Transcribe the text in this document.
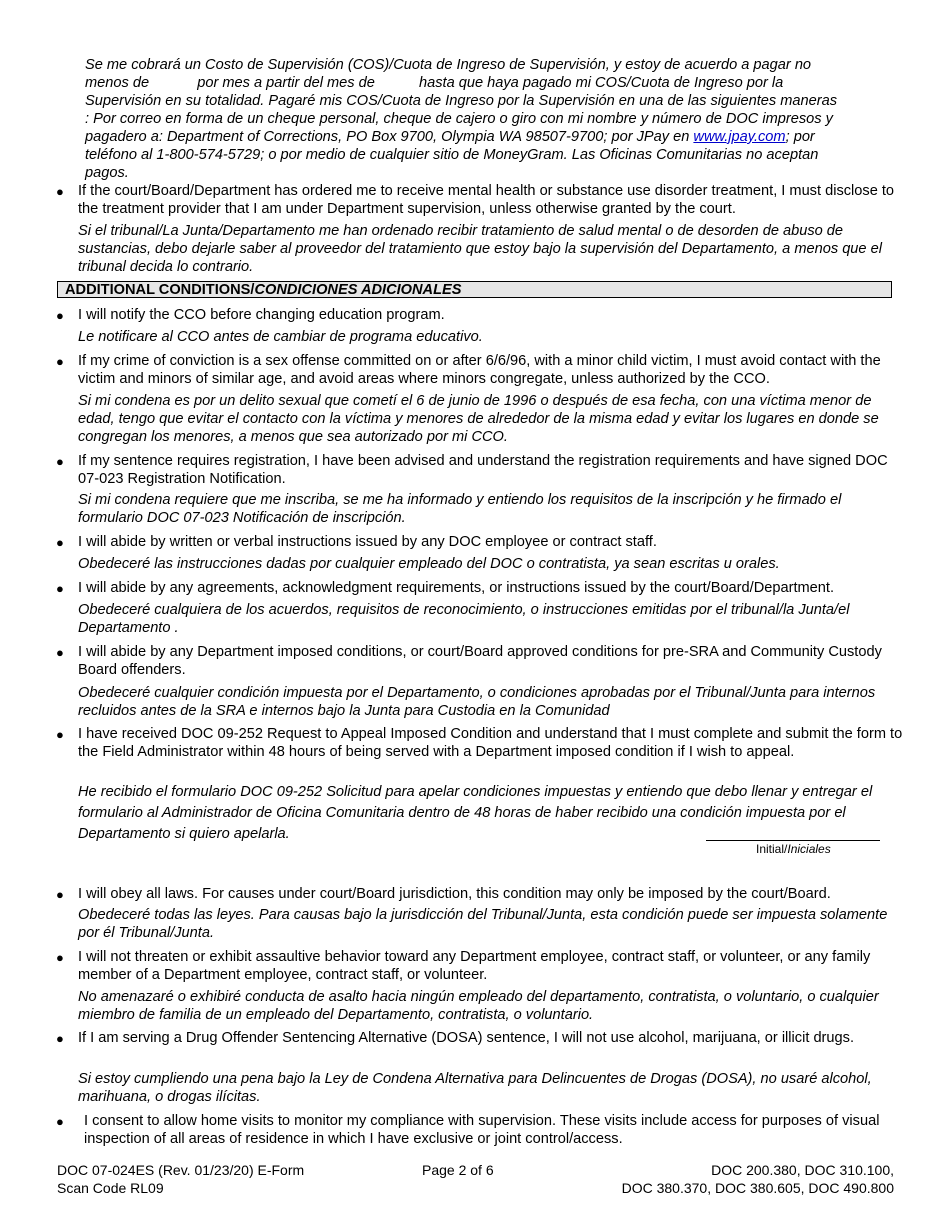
Se me cobrará un Costo de Supervisión (COS)/Cuota de Ingreso de Supervisión, y estoy de acuerdo a pagar no
menos de	por mes a partir del mes de	hasta que haya pagado mi COS/Cuota de Ingreso por la
Supervisión en su totalidad. Pagaré mis COS/Cuota de Ingreso por la Supervisión en una de las siguientes maneras
: Por correo en forma de un cheque personal, cheque de cajero o giro con mi nombre y número de DOC impresos y
pagadero a: Department of Corrections, PO Box 9700, Olympia WA 98507-9700; por JPay en www.jpay.com; por
teléfono al 1-800-574-5729; o por medio de cualquier sitio de MoneyGram. Las Oficinas Comunitarias no aceptan
pagos.
● If the court/Board/Department has ordered me to receive mental health or substance use disorder treatment, I must disclose to the treatment provider that I am under Department supervision, unless otherwise granted by the court.

Si el tribunal/La Junta/Departamento me han ordenado recibir tratamiento de salud mental o de desorden de abuso de sustancias, debo dejarle saber al proveedor del tratamiento que estoy bajo la supervisión del Departamento, a menos que el tribunal decida lo contrario.

ADDITIONAL CONDITIONS/CONDICIONES ADICIONALES
● I will notify the CCO before changing education program.

Le notificare al CCO antes de cambiar de programa educativo.

● If my crime of conviction is a sex offense committed on or after 6/6/96, with a minor child victim, I must avoid contact with the victim and minors of similar age, and avoid areas where minors congregate, unless authorized by the CCO.

Si mi condena es por un delito sexual que cometí el 6 de junio de 1996 o después de esa fecha, con una víctima menor de edad, tengo que evitar el contacto con la víctima y menores de alrededor de la misma edad y evitar los lugares en donde se congregan los menores, a menos que sea autorizado por mi CCO.

● If my sentence requires registration, I have been advised and understand the registration requirements and have signed DOC 07-023 Registration Notification.

Si mi condena requiere que me inscriba, se me ha informado y entiendo los requisitos de la inscripción y he firmado el formulario DOC 07-023 Notificación de inscripción.

● I will abide by written or verbal instructions issued by any DOC employee or contract staff.

Obedeceré las instrucciones dadas por cualquier empleado del DOC o contratista, ya sean escritas u orales.

● I will abide by any agreements, acknowledgment requirements, or instructions issued by the court/Board/Department.

Obedeceré cualquiera de los acuerdos, requisitos de reconocimiento, o instrucciones emitidas por el tribunal/la Junta/el Departamento .

● I will abide by any Department imposed conditions, or court/Board approved conditions for pre-SRA and Community Custody Board offenders.

Obedeceré cualquier condición impuesta por el Departamento, o condiciones aprobadas por el Tribunal/Junta para internos recluidos antes de la SRA e internos bajo la Junta para Custodia en la Comunidad

● I have received DOC 09-252 Request to Appeal Imposed Condition and understand that I must complete and submit the form to the Field Administrator within 48 hours of being served with a Department imposed condition if I wish to appeal.

He recibido el formulario DOC 09-252 Solicitud para apelar condiciones impuestas y entiendo que debo llenar y entregar el formulario al Administrador de Oficina Comunitaria dentro de 48 horas de haber recibido una condición impuesta por el Departamento si quiero apelarla.

Initial/Iniciales
● I will obey all laws. For causes under court/Board jurisdiction, this condition may only be imposed by the court/Board.

Obedeceré todas las leyes. Para causas bajo la jurisdicción del Tribunal/Junta, esta condición puede ser impuesta solamente por él Tribunal/Junta.

● I will not threaten or exhibit assaultive behavior toward any Department employee, contract staff, or volunteer, or any family member of a Department employee, contract staff, or volunteer.

No amenazaré o exhibiré conducta de asalto hacia ningún empleado del departamento, contratista, o voluntario, o cualquier miembro de familia de un empleado del Departamento, contratista, o voluntario.

● If I am serving a Drug Offender Sentencing Alternative (DOSA) sentence, I will not use alcohol, marijuana, or illicit drugs.

Si estoy cumpliendo una pena bajo la Ley de Condena Alternativa para Delincuentes de Drogas (DOSA), no usaré alcohol, marihuana, o drogas ilícitas.

● I consent to allow home visits to monitor my compliance with supervision. These visits include access for purposes of visual inspection of all areas of residence in which I have exclusive or joint control/access.

DOC 07-024ES (Rev. 01/23/20) E-Form
Scan Code RL09
Page 2 of 6	DOC 200.380, DOC 310.100,
DOC 380.370, DOC 380.605, DOC 490.800
